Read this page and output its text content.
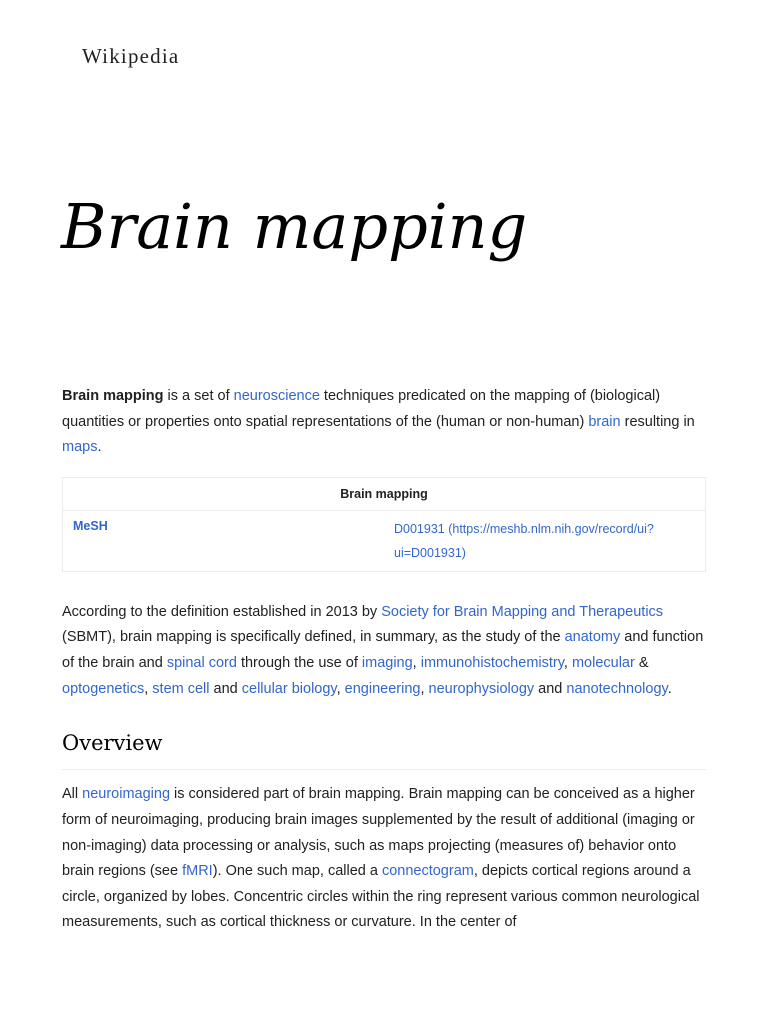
Wikipedia
Brain mapping

Brain mapping is a set of neuroscience techniques predicated on the mapping of (biological) quantities or properties onto spatial representations of the (human or non-human) brain resulting in maps.

Brain mapping
MeSH	D001931 (https://meshb.nlm.nih.gov/record/ui?ui=D001931)

According to the definition established in 2013 by Society for Brain Mapping and Therapeutics (SBMT), brain mapping is specifically defined, in summary, as the study of the anatomy and function of the brain and spinal cord through the use of imaging, immunohistochemistry, molecular & optogenetics, stem cell and cellular biology, engineering, neurophysiology and nanotechnology.

Overview

All neuroimaging is considered part of brain mapping. Brain mapping can be conceived as a higher form of neuroimaging, producing brain images supplemented by the result of additional (imaging or non-imaging) data processing or analysis, such as maps projecting (measures of) behavior onto brain regions (see fMRI). One such map, called a connectogram, depicts cortical regions around a circle, organized by lobes. Concentric circles within the ring represent various common neurological measurements, such as cortical thickness or curvature. In the center of
